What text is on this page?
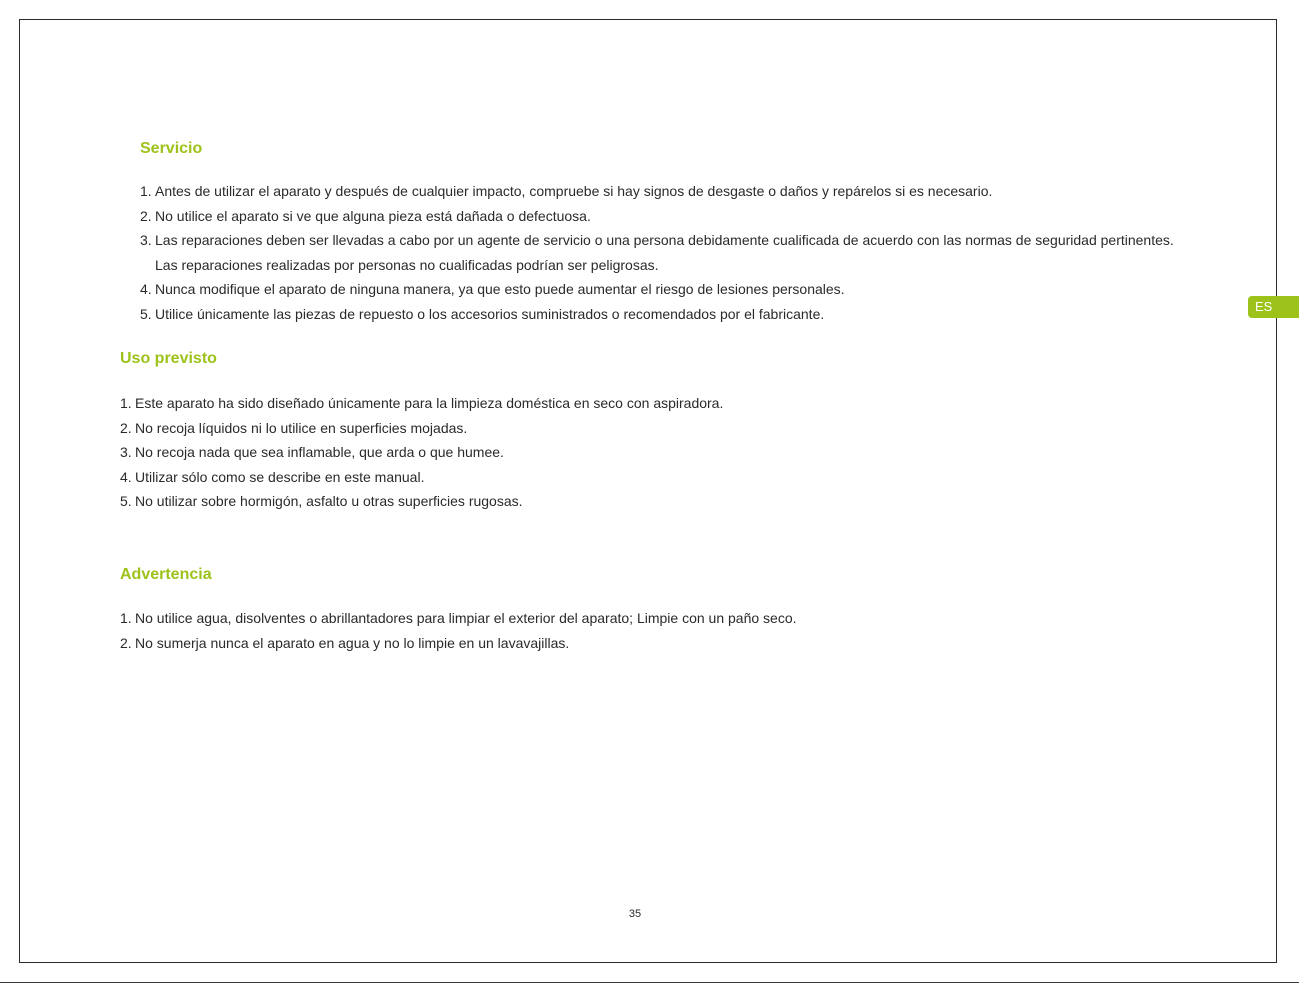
Servicio
1. Antes de utilizar el aparato y después de cualquier impacto, compruebe si hay signos de desgaste o daños y repárelos si es necesario.
2. No utilice el aparato si ve que alguna pieza está dañada o defectuosa.
3. Las reparaciones deben ser llevadas a cabo por un agente de servicio o una persona debidamente cualificada de acuerdo con las normas de seguridad pertinentes.
Las reparaciones realizadas por personas no cualificadas podrían ser peligrosas.
4. Nunca modifique el aparato de ninguna manera, ya que esto puede aumentar el riesgo de lesiones personales.
5. Utilice únicamente las piezas de repuesto o los accesorios suministrados o recomendados por el fabricante.
Uso previsto
1. Este aparato ha sido diseñado únicamente para la limpieza doméstica en seco con aspiradora.
2. No recoja líquidos ni lo utilice en superficies mojadas.
3. No recoja nada que sea inflamable, que arda o que humee.
4. Utilizar sólo como se describe en este manual.
5. No utilizar sobre hormigón, asfalto u otras superficies rugosas.
Advertencia
1. No utilice agua, disolventes o abrillantadores para limpiar el exterior del aparato; Limpie con un paño seco.
2. No sumerja nunca el aparato en agua y no lo limpie en un lavavajillas.
ES
35
